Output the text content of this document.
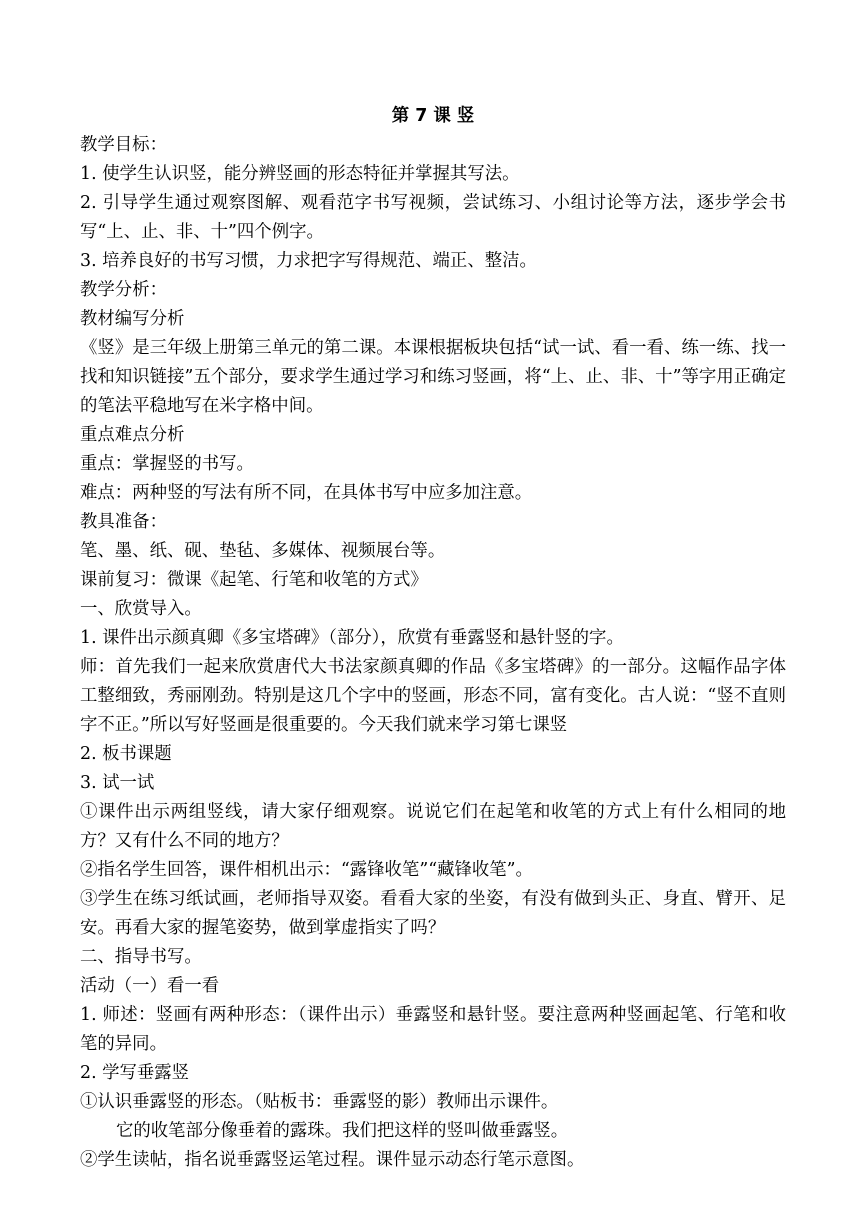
第 7 课 竖
教学目标：
1. 使学生认识竖，能分辨竖画的形态特征并掌握其写法。
2. 引导学生通过观察图解、观看范字书写视频，尝试练习、小组讨论等方法，逐步学会书写“上、止、非、十”四个例字。
3. 培养良好的书写习惯，力求把字写得规范、端正、整洁。
教学分析：
教材编写分析
《竖》是三年级上册第三单元的第二课。本课根据板块包括“试一试、看一看、练一练、找一找和知识链接”五个部分，要求学生通过学习和练习竖画，将“上、止、非、十”等字用正确定的笔法平稳地写在米字格中间。
重点难点分析
重点：掌握竖的书写。
难点：两种竖的写法有所不同，在具体书写中应多加注意。
教具准备：
笔、墨、纸、砚、垫毡、多媒体、视频展台等。
课前复习：微课《起笔、行笔和收笔的方式》
一、欣赏导入。
1. 课件出示颜真卿《多宝塔碑》（部分），欣赏有垂露竖和悬针竖的字。
师：首先我们一起来欣赏唐代大书法家颜真卿的作品《多宝塔碑》的一部分。这幅作品字体工整细致，秀丽刚劲。特别是这几个字中的竖画，形态不同，富有变化。古人说：“竖不直则字不正。”所以写好竖画是很重要的。今天我们就来学习第七课竖
2. 板书课题
3. 试一试
①课件出示两组竖线，请大家仔细观察。说说它们在起笔和收笔的方式上有什么相同的地方？又有什么不同的地方？
②指名学生回答，课件相机出示：“露锋收笔”“藏锋收笔”。
③学生在练习纸试画，老师指导双姿。看看大家的坐姿，有没有做到头正、身直、臂开、足安。再看大家的握笔姿势，做到掌虚指实了吗？
二、指导书写。
活动（一）看一看
1. 师述：竖画有两种形态：（课件出示）垂露竖和悬针竖。要注意两种竖画起笔、行笔和收笔的异同。
2. 学写垂露竖
①认识垂露竖的形态。（贴板书：垂露竖的影）教师出示课件。
它的收笔部分像垂着的露珠。我们把这样的竖叫做垂露竖。
②学生读帖，指名说垂露竖运笔过程。课件显示动态行笔示意图。
